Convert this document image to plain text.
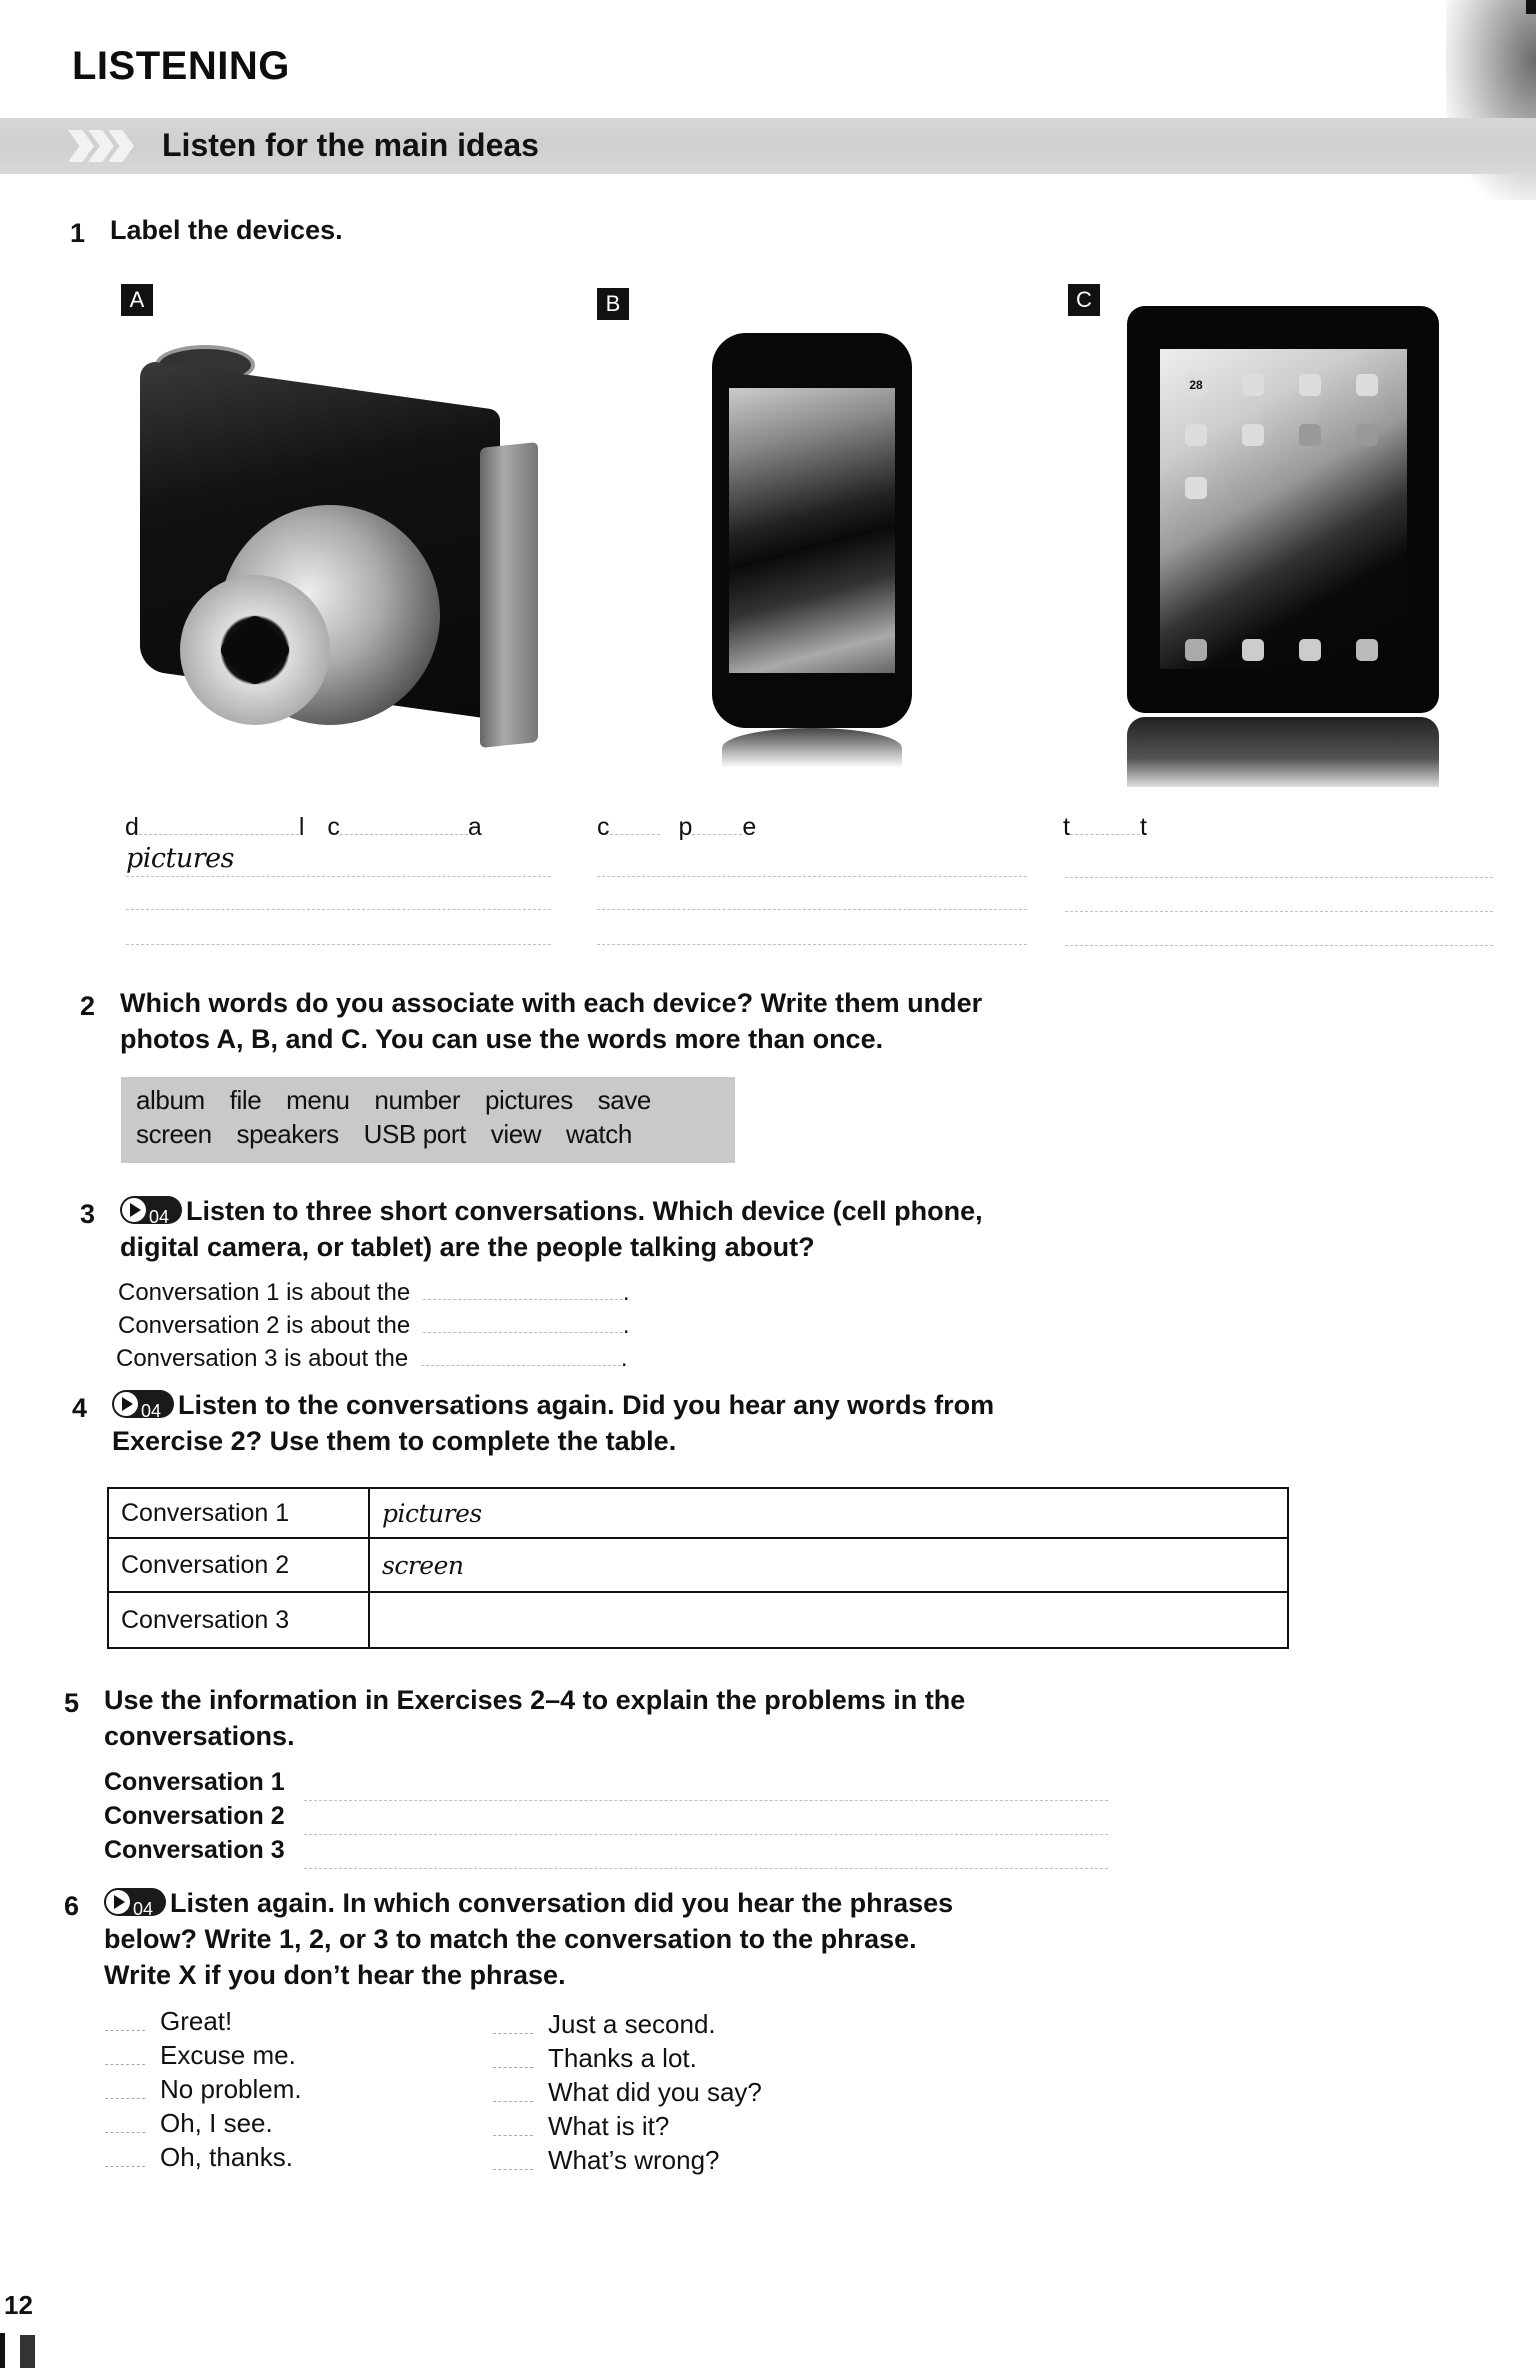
LISTENING
Listen for the main ideas
1 Label the devices.
A	B	C
28
d	l c	a	c	p e	t	t
pictures
2 Which words do you associate with each device? Write them under
photos A, B, and C. You can use the words more than once.
album file menu number pictures save
screen speakers USB port view watch
3	04 Listen to three short conversations. Which device (cell phone,
digital camera, or tablet) are the people talking about?
Conversation 1 is about the	.
Conversation 2 is about the	.
Conversation 3 is about the	.
4	04 Listen to the conversations again. Did you hear any words from
Exercise 2? Use them to complete the table.
Conversation 1	pictures
Conversation 2	screen
Conversation 3	
5 Use the information in Exercises 2–4 to explain the problems in the
conversations.
Conversation 1
Conversation 2
Conversation 3
6	04 Listen again. In which conversation did you hear the phrases
below? Write 1, 2, or 3 to match the conversation to the phrase.
Write X if you don’t hear the phrase.
Great!
Excuse me.
No problem.
Oh, I see.
Oh, thanks.
Just a second.
Thanks a lot.
What did you say?
What is it?
What’s wrong?
12
